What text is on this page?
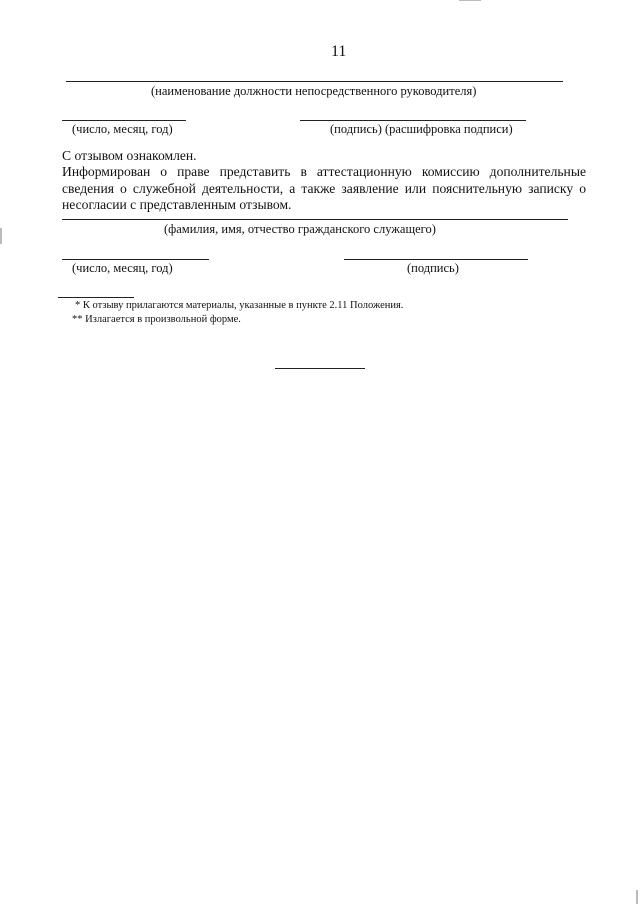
11
(наименование должности непосредственного руководителя)
(число, месяц, год)	(подпись) (расшифровка подписи)
С отзывом ознакомлен.
Информирован о праве представить в аттестационную комиссию дополнительные сведения о служебной деятельности, а также заявление или пояснительную записку о несогласии с представленным отзывом.
(фамилия, имя, отчество гражданского служащего)
(число, месяц, год)	(подпись)
* К отзыву прилагаются материалы, указанные в пункте 2.11 Положения.
** Излагается в произвольной форме.
